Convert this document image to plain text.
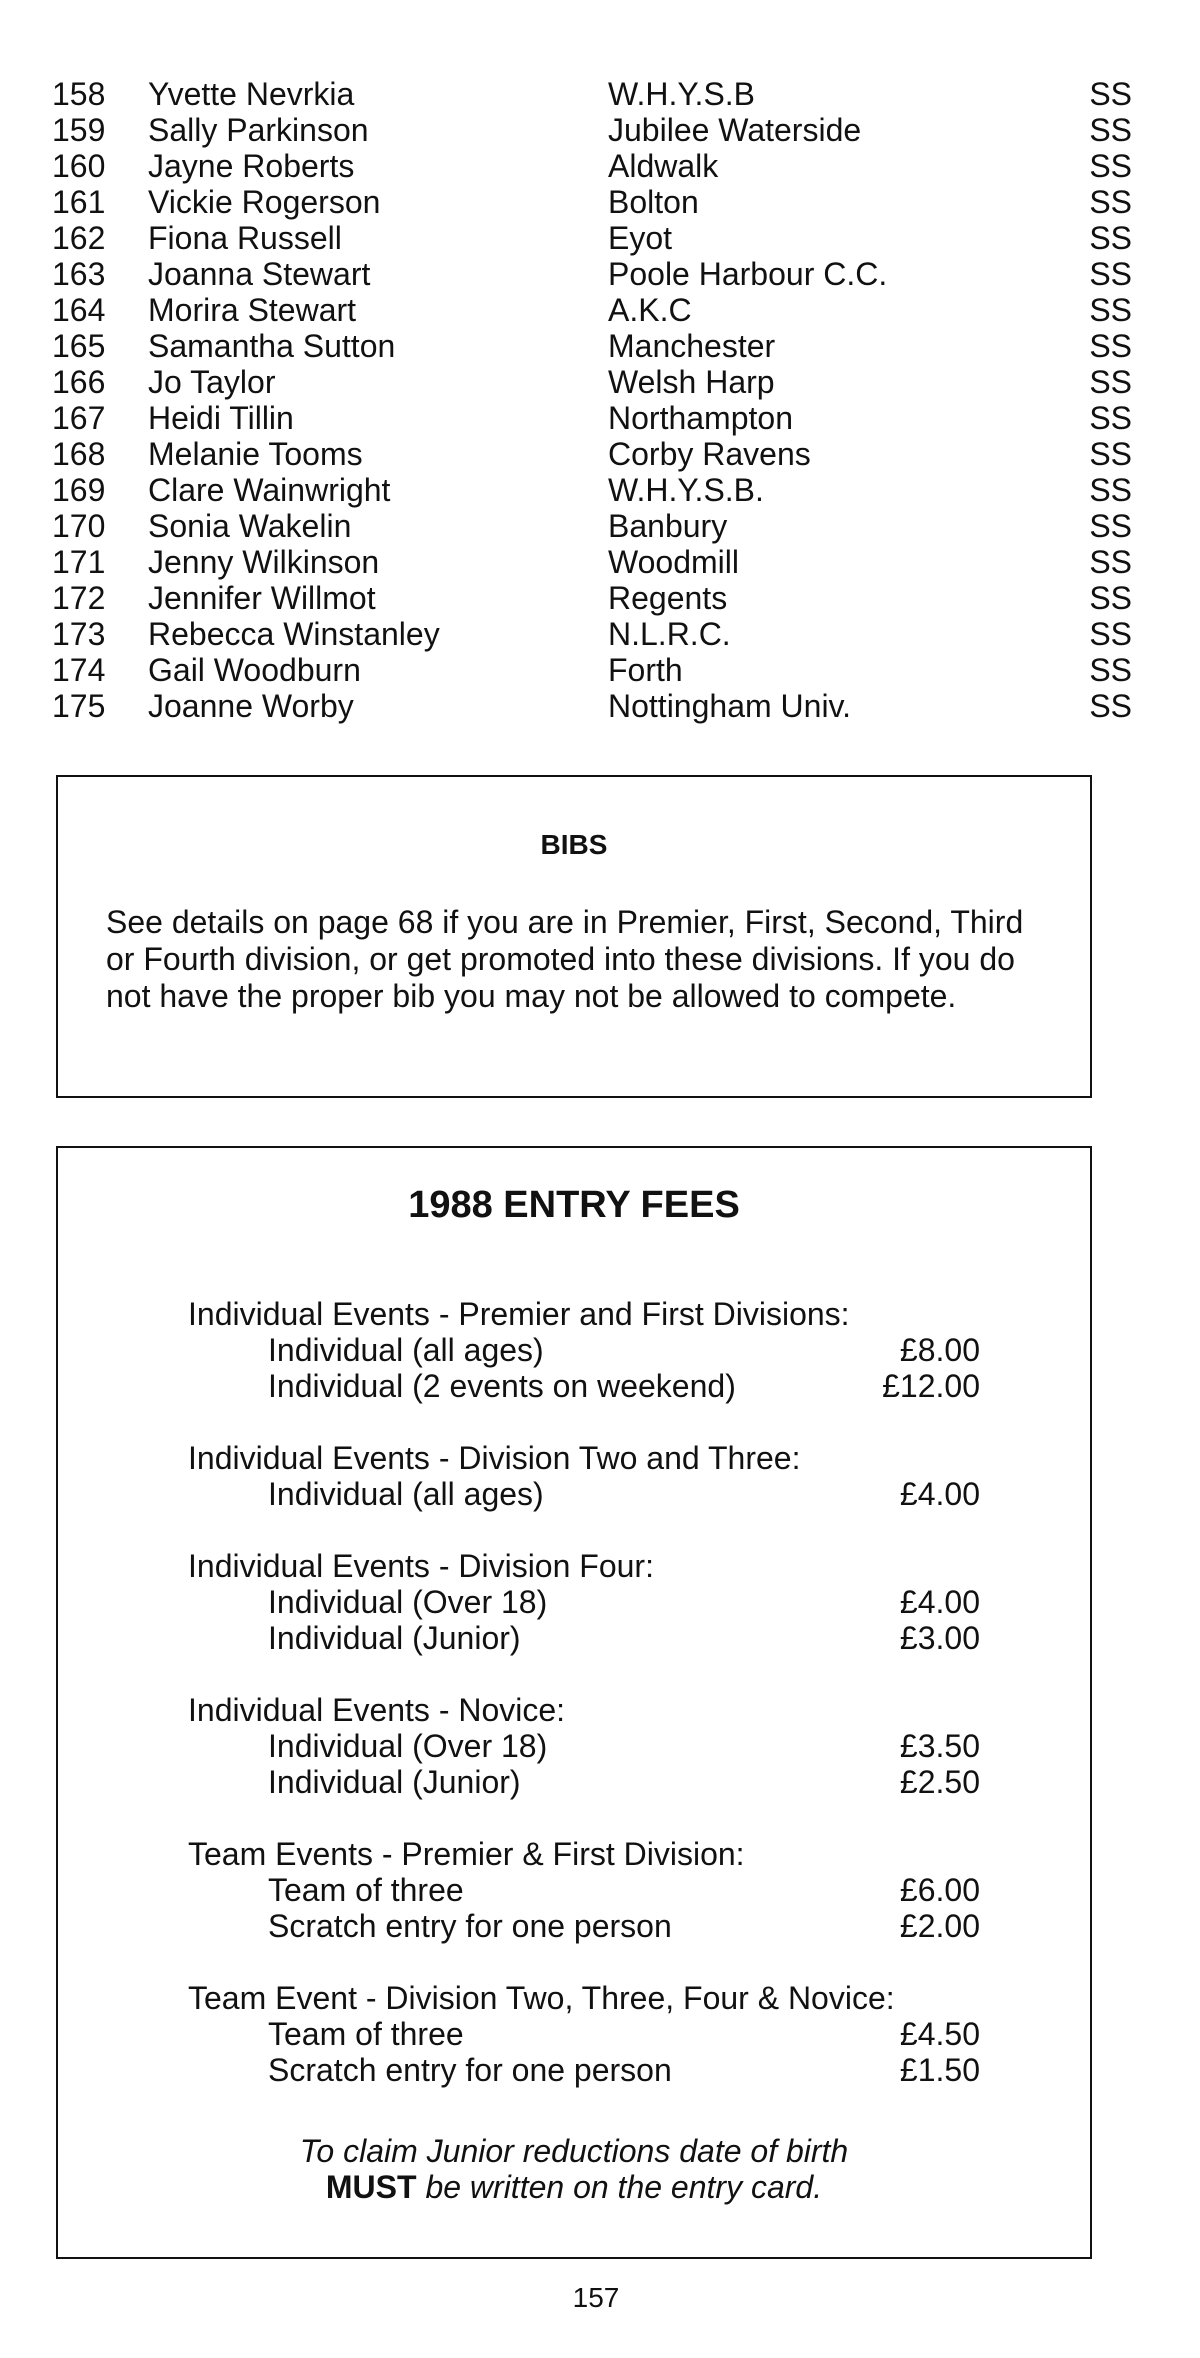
158 Yvette Nevrkia	W.H.Y.S.B	SS
159 Sally Parkinson	Jubilee Waterside	SS
160 Jayne Roberts	Aldwalk	SS
161 Vickie Rogerson	Bolton	SS
162 Fiona Russell	Eyot	SS
163 Joanna Stewart	Poole Harbour C.C.	SS
164 Morira Stewart	A.K.C	SS
165 Samantha Sutton	Manchester	SS
166 Jo Taylor	Welsh Harp	SS
167 Heidi Tillin	Northampton	SS
168 Melanie Tooms	Corby Ravens	SS
169 Clare Wainwright	W.H.Y.S.B.	SS
170 Sonia Wakelin	Banbury	SS
171 Jenny Wilkinson	Woodmill	SS
172 Jennifer Willmot	Regents	SS
173 Rebecca Winstanley	N.L.R.C.	SS
174 Gail Woodburn	Forth	SS
175 Joanne Worby	Nottingham Univ.	SS
BIBS
See details on page 68 if you are in Premier, First, Second, Third or Fourth division, or get promoted into these divisions. If you do not have the proper bib you may not be allowed to compete.
1988 ENTRY FEES
Individual Events - Premier and First Divisions:
Individual (all ages)	£8.00
Individual (2 events on weekend)	£12.00
Individual Events - Division Two and Three:
Individual (all ages)	£4.00
Individual Events - Division Four:
Individual (Over 18)	£4.00
Individual (Junior)	£3.00
Individual Events - Novice:
Individual (Over 18)	£3.50
Individual (Junior)	£2.50
Team Events - Premier & First Division:
Team of three	£6.00
Scratch entry for one person	£2.00
Team Event - Division Two, Three, Four & Novice:
Team of three	£4.50
Scratch entry for one person	£1.50
To claim Junior reductions date of birth
MUST be written on the entry card.
157
